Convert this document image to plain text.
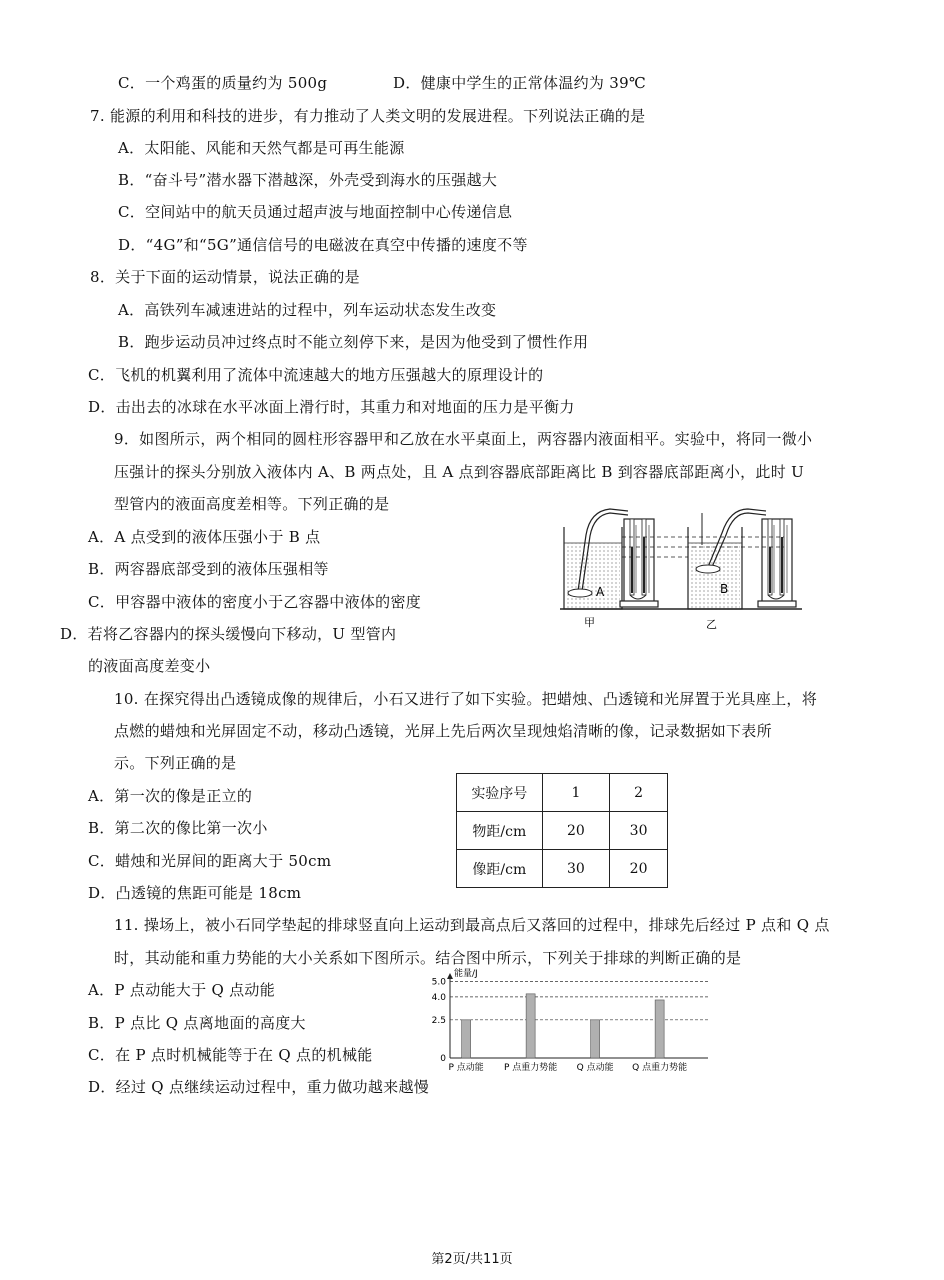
C．一个鸡蛋的质量约为 500g	D．健康中学生的正常体温约为 39℃
7. 能源的利用和科技的进步，有力推动了人类文明的发展进程。下列说法正确的是
A．太阳能、风能和天然气都是可再生能源
B．“奋斗号”潜水器下潜越深，外壳受到海水的压强越大
C．空间站中的航天员通过超声波与地面控制中心传递信息
D．“4G”和“5G”通信信号的电磁波在真空中传播的速度不等
8．关于下面的运动情景，说法正确的是
A．高铁列车减速进站的过程中，列车运动状态发生改变
B．跑步运动员冲过终点时不能立刻停下来，是因为他受到了惯性作用
C．飞机的机翼利用了流体中流速越大的地方压强越大的原理设计的
D．击出去的冰球在水平冰面上滑行时，其重力和对地面的压力是平衡力
9．如图所示，两个相同的圆柱形容器甲和乙放在水平桌面上，两容器内液面相平。实验中，将同一微小
压强计的探头分别放入液体内 A、B 两点处，且 A 点到容器底部距离比 B 到容器底部距离小，此时 U
型管内的液面高度差相等。下列正确的是
A．A 点受到的液体压强小于 B 点
B．两容器底部受到的液体压强相等
C．甲容器中液体的密度小于乙容器中液体的密度
D．若将乙容器内的探头缓慢向下移动，U 型管内
的液面高度差变小
10. 在探究得出凸透镜成像的规律后，小石又进行了如下实验。把蜡烛、凸透镜和光屏置于光具座上，将
点燃的蜡烛和光屏固定不动，移动凸透镜，光屏上先后两次呈现烛焰清晰的像，记录数据如下表所
示。下列正确的是
A．第一次的像是正立的
B．第二次的像比第一次小
C．蜡烛和光屏间的距离大于 50cm
D．凸透镜的焦距可能是 18cm
11. 操场上，被小石同学垫起的排球竖直向上运动到最高点后又落回的过程中，排球先后经过 P 点和 Q 点
时，其动能和重力势能的大小关系如下图所示。结合图中所示，下列关于排球的判断正确的是
A．P 点动能大于 Q 点动能
B．P 点比 Q 点离地面的高度大
C．在 P 点时机械能等于在 Q 点的机械能
D．经过 Q 点继续运动过程中，重力做功越来越慢
A	B
甲	乙
实验序号	1	2
物距/cm	20	30
像距/cm	30	20
能量/J
0
2.5
4.0
5.0
P 点动能 P 点重力势能 Q 点动能 Q 点重力势能
第2页/共11页
